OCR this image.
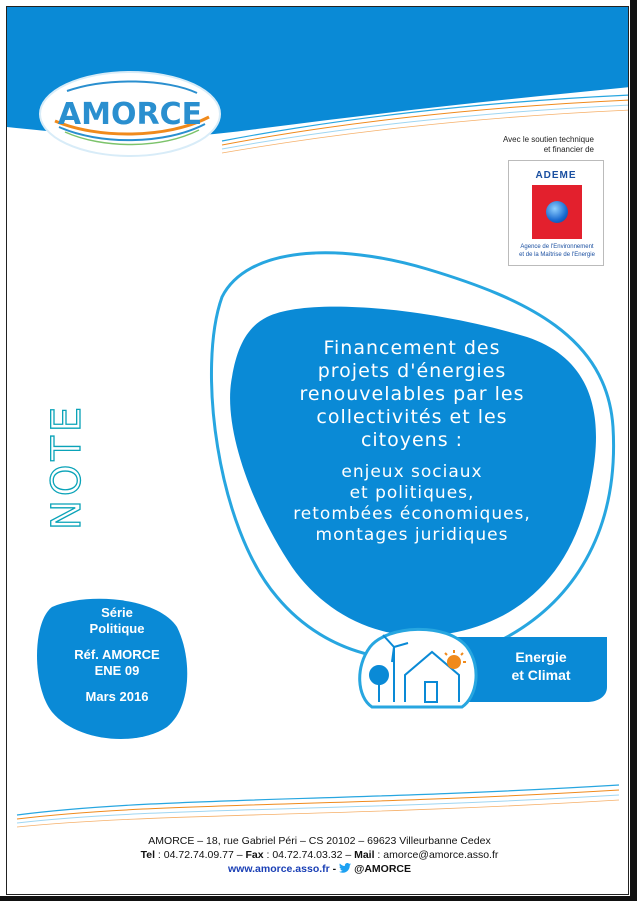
AMORCE
Avec le soutien technique
et financier de
ADEME
Agence de l'Environnement
et de la Maîtrise de l'Energie
NOTE
Financement des
projets d'énergies
renouvelables par les
collectivités et les
citoyens :
enjeux sociaux
et politiques,
retombées économiques,
montages juridiques
Série
Politique
Réf. AMORCE
ENE 09
Mars 2016
Energie
et Climat
AMORCE – 18, rue Gabriel Péri – CS 20102 – 69623 Villeurbanne Cedex
Tel : 04.72.74.09.77 – Fax : 04.72.74.03.32 – Mail : amorce@amorce.asso.fr
www.amorce.asso.fr - @AMORCE
